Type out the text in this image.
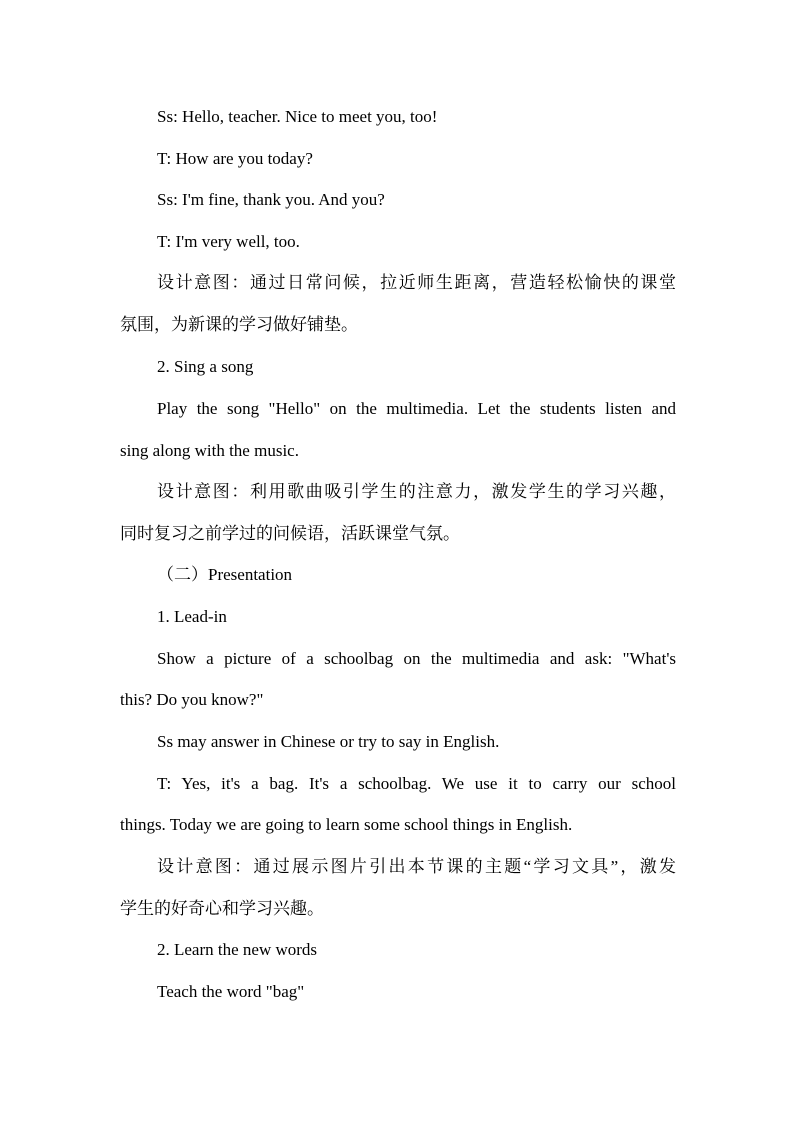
Ss: Hello, teacher. Nice to meet you, too!
T: How are you today?
Ss: I'm fine, thank you. And you?
T: I'm very well, too.
设计意图：通过日常问候，拉近师生距离，营造轻松愉快的课堂
氛围，为新课的学习做好铺垫。
2. Sing a song
Play the song "Hello" on the multimedia. Let the students listen and
sing along with the music.
设计意图：利用歌曲吸引学生的注意力，激发学生的学习兴趣，
同时复习之前学过的问候语，活跃课堂气氛。
（二）Presentation
1. Lead-in
Show a picture of a schoolbag on the multimedia and ask: "What's
this? Do you know?"
Ss may answer in Chinese or try to say in English.
T: Yes, it's a bag. It's a schoolbag. We use it to carry our school
things. Today we are going to learn some school things in English.
设计意图：通过展示图片引出本节课的主题“学习文具”，激发
学生的好奇心和学习兴趣。
2. Learn the new words
Teach the word "bag"
